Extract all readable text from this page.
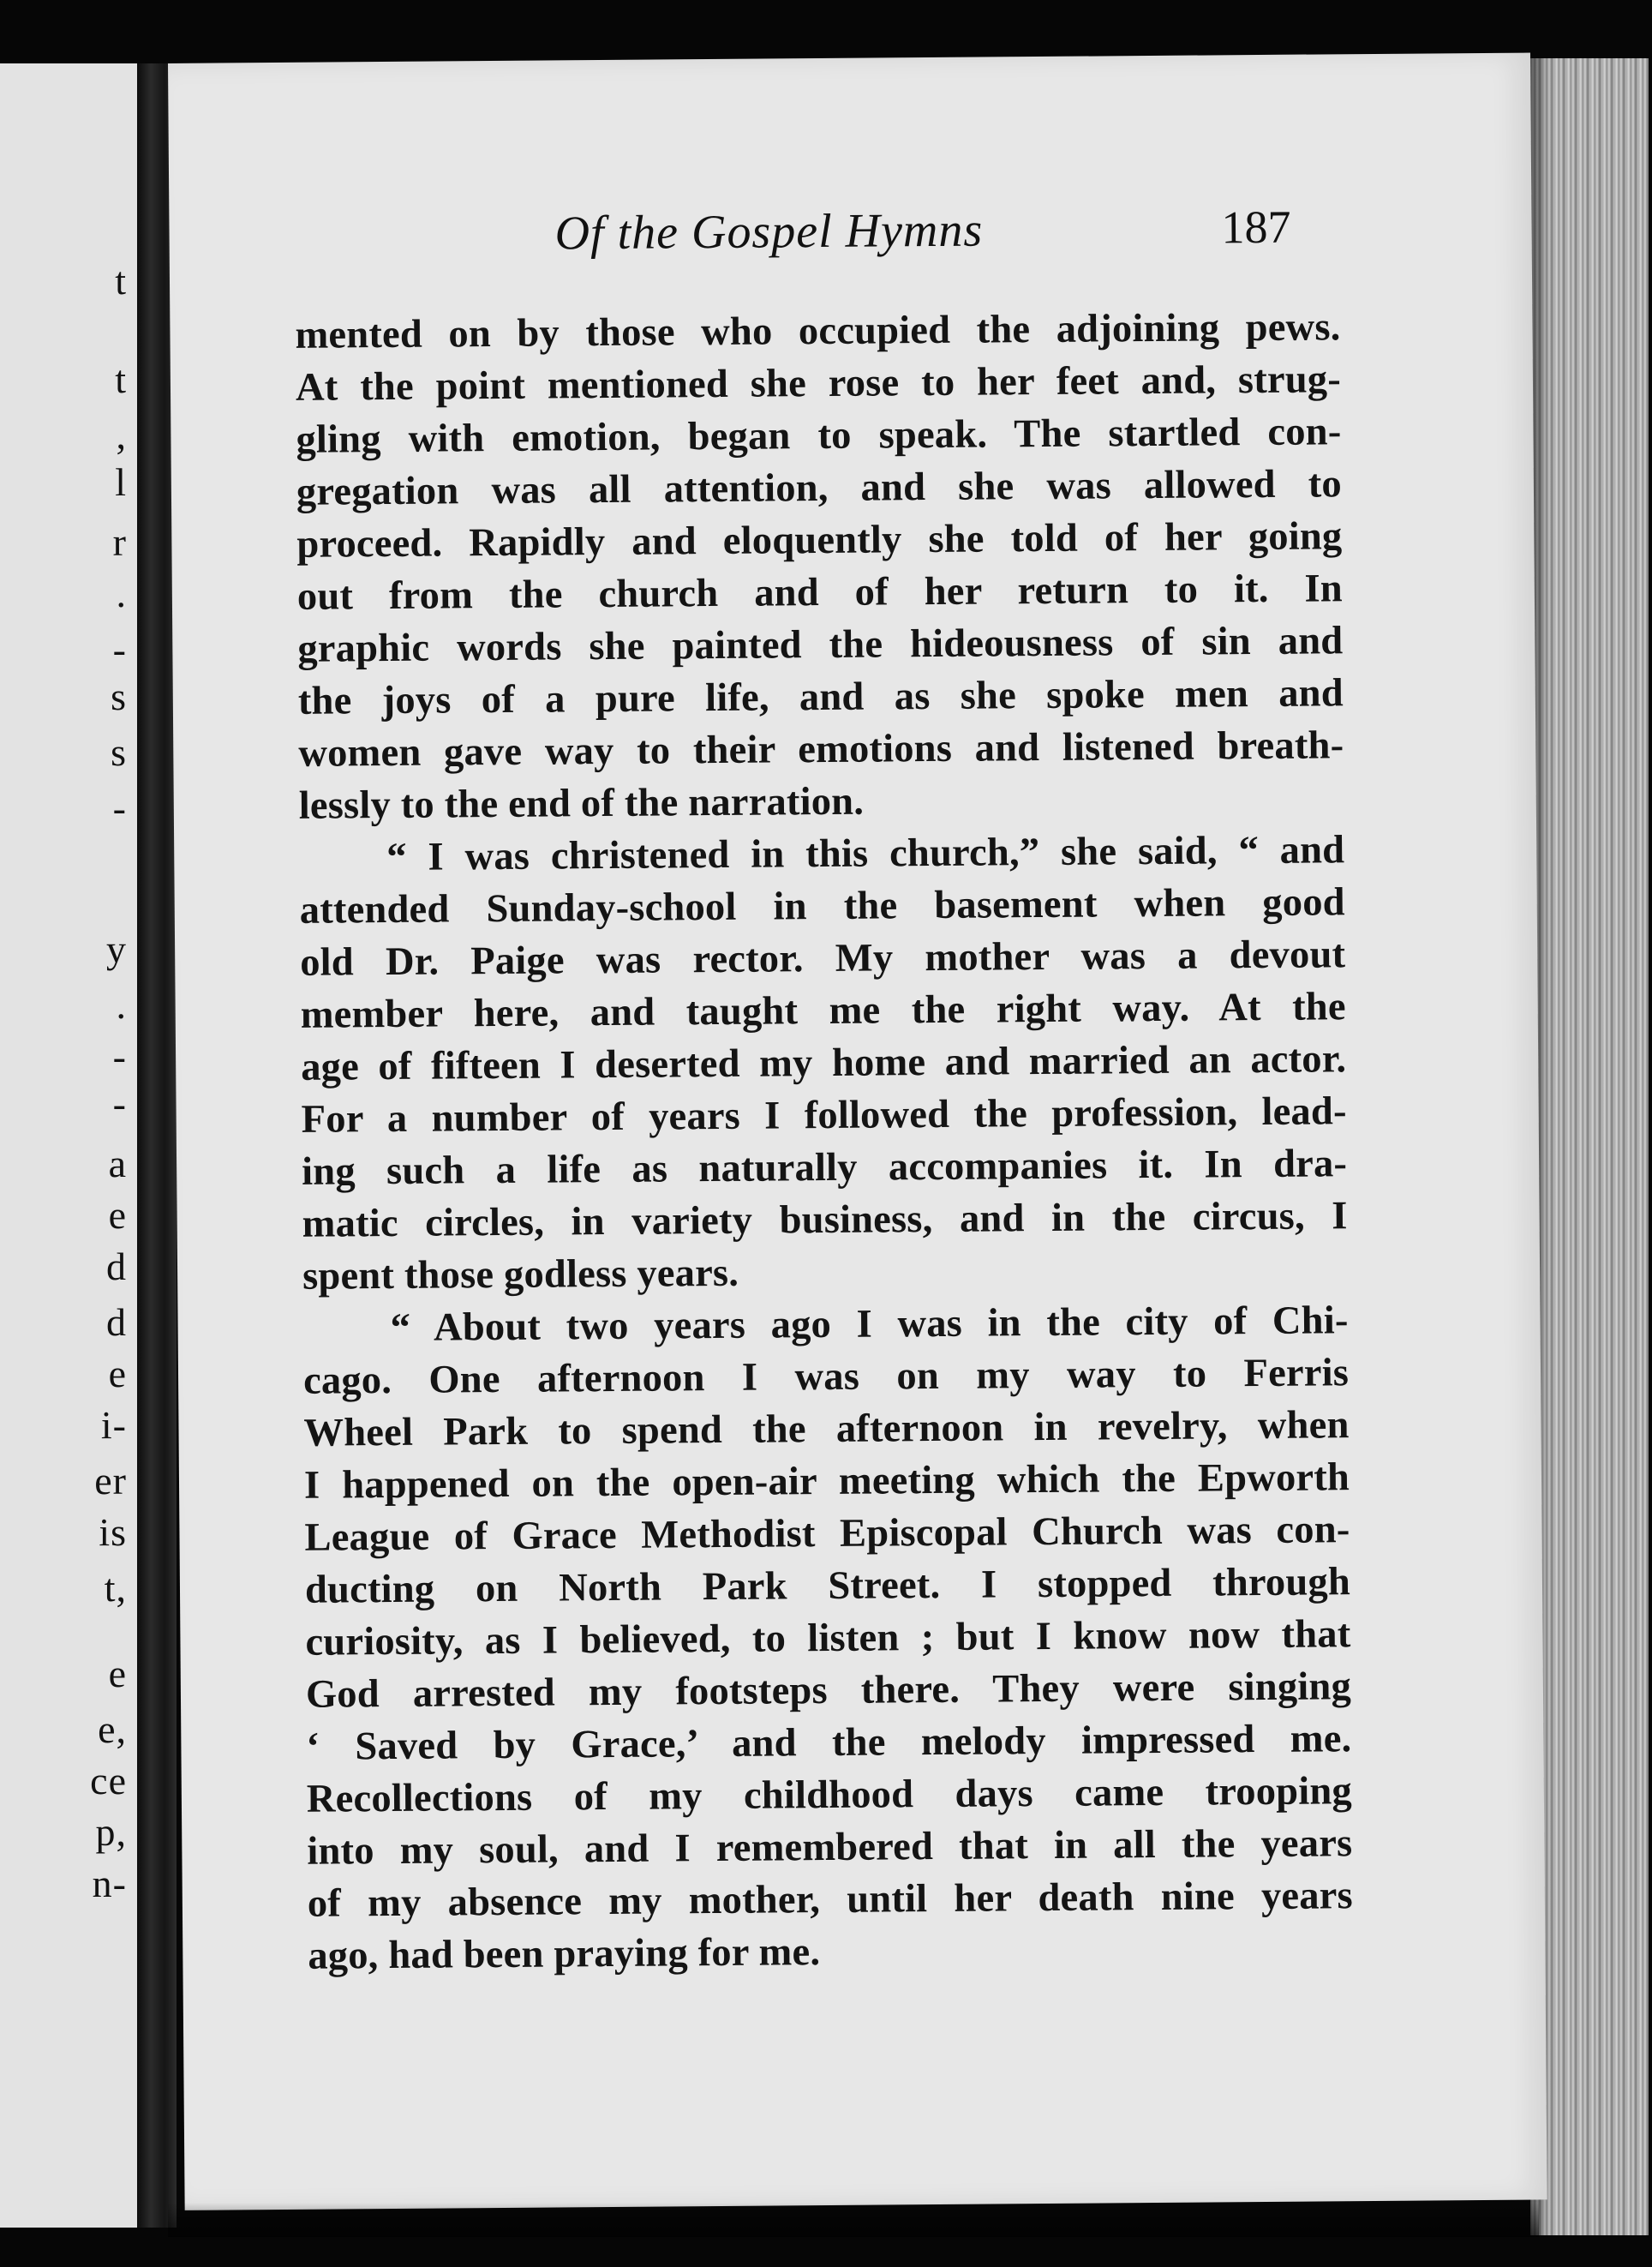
t
t
,
l
r
.
-
s
s
-
y
.
-
-
a
e
d
d
e
i-
er
is
t,
e
e,
ce
p,
n-
Of the Gospel Hymns	187
mented on by those who occupied the adjoining pews.
At the point mentioned she rose to her feet and, strug-
gling with emotion, began to speak. The startled con-
gregation was all attention, and she was allowed to
proceed. Rapidly and eloquently she told of her going
out from the church and of her return to it. In
graphic words she painted the hideousness of sin and
the joys of a pure life, and as she spoke men and
women gave way to their emotions and listened breath-
lessly to the end of the narration.
“ I was christened in this church,” she said, “ and
attended Sunday-school in the basement when good
old Dr. Paige was rector. My mother was a devout
member here, and taught me the right way. At the
age of fifteen I deserted my home and married an actor.
For a number of years I followed the profession, lead-
ing such a life as naturally accompanies it. In dra-
matic circles, in variety business, and in the circus, I
spent those godless years.
“ About two years ago I was in the city of Chi-
cago. One afternoon I was on my way to Ferris
Wheel Park to spend the afternoon in revelry, when
I happened on the open-air meeting which the Epworth
League of Grace Methodist Episcopal Church was con-
ducting on North Park Street. I stopped through
curiosity, as I believed, to listen ; but I know now that
God arrested my footsteps there. They were singing
‘ Saved by Grace,’ and the melody impressed me.
Recollections of my childhood days came trooping
into my soul, and I remembered that in all the years
of my absence my mother, until her death nine years
ago, had been praying for me.
